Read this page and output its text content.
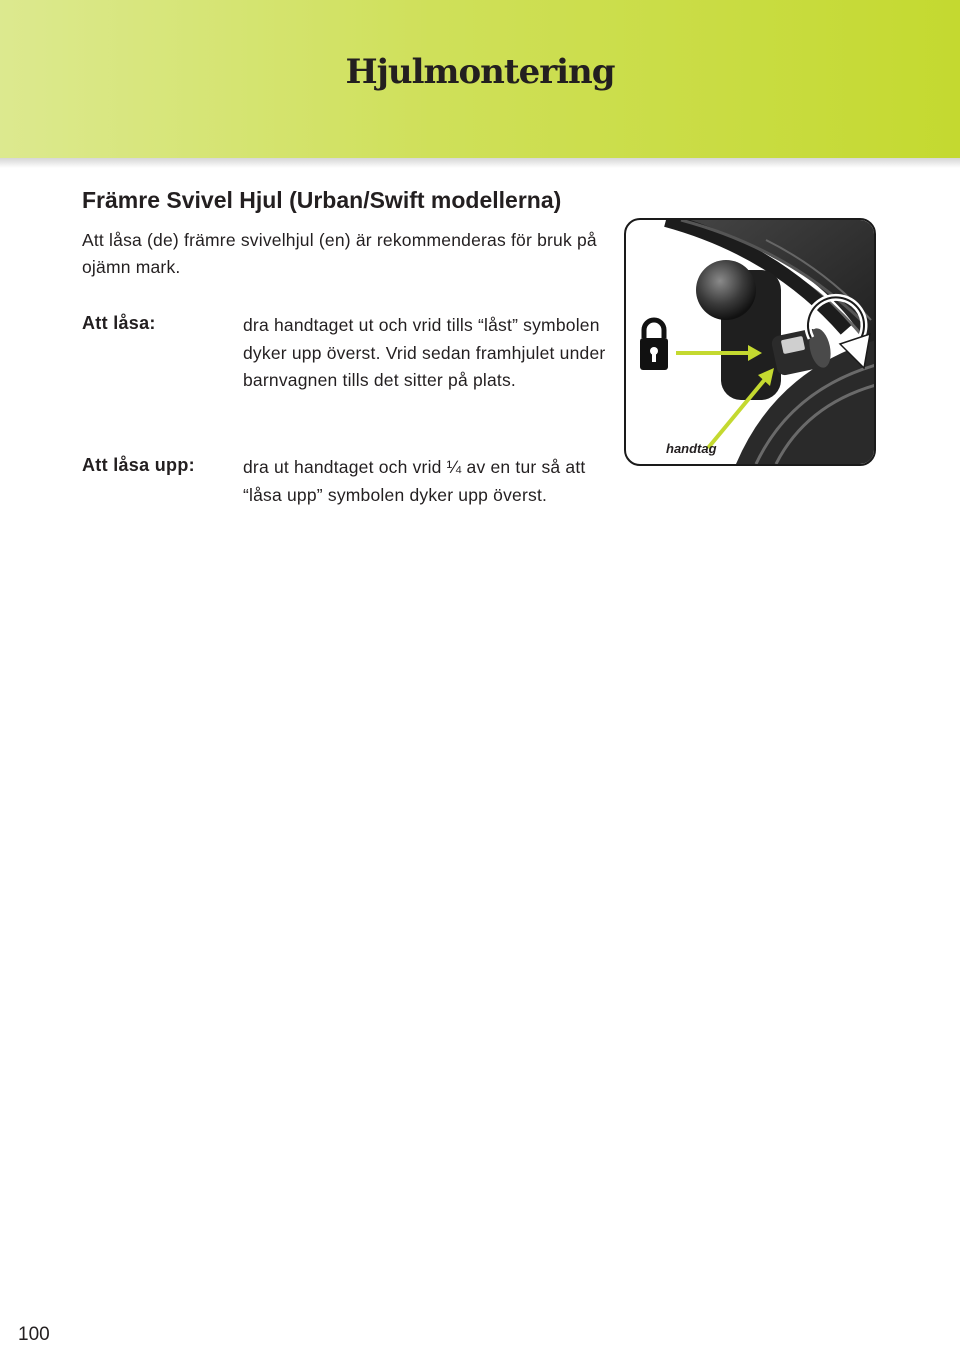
Hjulmontering
Främre Svivel Hjul (Urban/Swift modellerna)
Att låsa (de) främre svivelhjul (en) är rekommenderas för bruk på ojämn mark.
Att låsa:	dra handtaget ut och vrid tills “låst” symbolen dyker upp överst. Vrid sedan framhjulet under barnvagnen tills det sitter på plats.
Att låsa upp:	dra ut handtaget och vrid ¼ av en tur så att “låsa upp” symbolen dyker upp överst.
handtag
100
